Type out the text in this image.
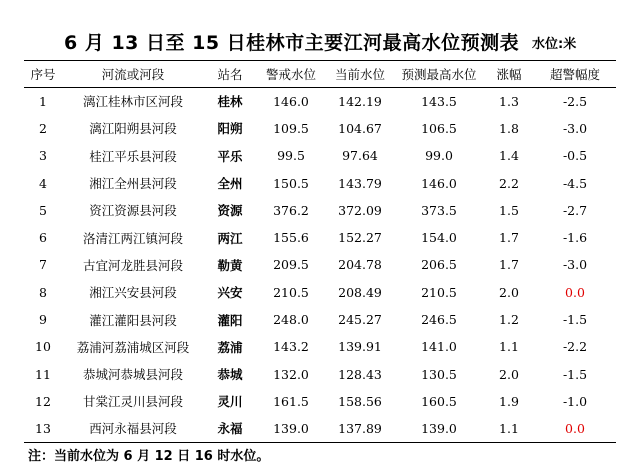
6 月 13 日至 15 日桂林市主要江河最高水位预测表 水位:米
序号	河流或河段	站名	警戒水位	当前水位	预测最高水位	涨幅	超警幅度
1	漓江桂林市区河段	桂林	146.0	142.19	143.5	1.3	-2.5
2	漓江阳朔县河段	阳朔	109.5	104.67	106.5	1.8	-3.0
3	桂江平乐县河段	平乐	99.5	97.64	99.0	1.4	-0.5
4	湘江全州县河段	全州	150.5	143.79	146.0	2.2	-4.5
5	资江资源县河段	资源	376.2	372.09	373.5	1.5	-2.7
6	洛清江两江镇河段	两江	155.6	152.27	154.0	1.7	-1.6
7	古宜河龙胜县河段	勒黄	209.5	204.78	206.5	1.7	-3.0
8	湘江兴安县河段	兴安	210.5	208.49	210.5	2.0	0.0
9	灌江灌阳县河段	灌阳	248.0	245.27	246.5	1.2	-1.5
10	荔浦河荔浦城区河段	荔浦	143.2	139.91	141.0	1.1	-2.2
11	恭城河恭城县河段	恭城	132.0	128.43	130.5	2.0	-1.5
12	甘棠江灵川县河段	灵川	161.5	158.56	160.5	1.9	-1.0
13	西河永福县河段	永福	139.0	137.89	139.0	1.1	0.0
注：当前水位为 6 月 12 日 16 时水位。
